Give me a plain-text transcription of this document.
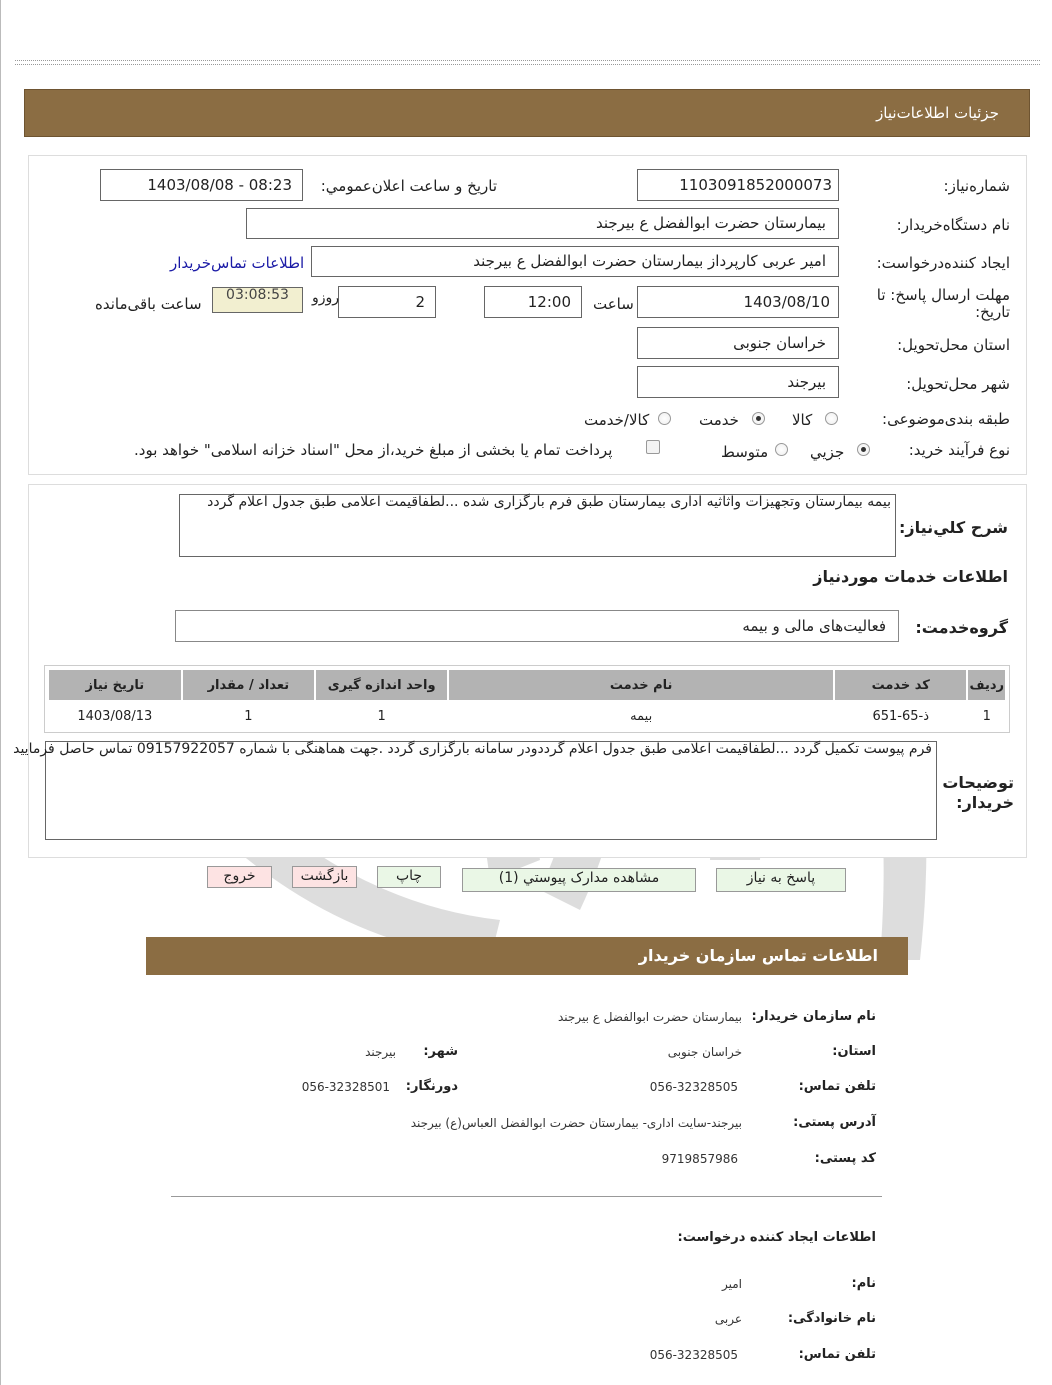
جزئیات اطلاعات‌نیاز
شماره‌نیاز:
1103091852000073
تاريخ و ساعت اعلان‌عمومي:
1403/08/08 - 08:23
نام دستگاه‌خریدار:
بیمارستان حضرت ابوالفضل ع بیرجند
ایجاد کننده‌درخواست:
امیر عربی کارپرداز بیمارستان حضرت ابوالفضل ع بیرجند
اطلاعات تماس‌خریدار
مهلت ارسال پاسخ: تا تاریخ:
1403/08/10
ساعت
12:00
2
روزو
03:08:53
ساعت باقی‌مانده
استان محل‌تحویل:
خراسان جنوبی
شهر محل‌تحویل:
بیرجند
طبقه بندی‌موضوعی:
کالا
خدمت
کالا/خدمت
نوع فرآیند خرید:
جزيي
متوسط
پرداخت تمام یا بخشی از مبلغ خرید،از محل "اسناد خزانه اسلامی" خواهد بود.
شرح کلي‌نیاز:
بیمه بیمارستان وتجهیزات واثاثیه اداری بیمارستان طبق فرم بارگزاری شده ...لطفاقیمت اعلامی طبق جدول اعلام گردد
اطلاعات خدمات موردنیاز
گروه‌خدمت:
فعالیت‌های مالی و بیمه
ردیف	کد خدمت	نام خدمت	واحد اندازه گیری	تعداد / مقدار	تاریخ نیاز
1	ذ-65-651	بیمه	1	1	1403/08/13
توضیحات خریدار:
فرم پیوست تکمیل گردد ...لطفاقیمت اعلامی طبق جدول اعلام گرددودر سامانه بارگزاری گردد .جهت هماهنگی با شماره 09157922057 تماس حاصل فرمایید
پاسخ به نیاز
مشاهده مدارک پیوستي (1)
چاپ
بازگشت
خروج
اطلاعات تماس سازمان خریدار
نام سازمان خریدار:
بیمارستان حضرت ابوالفضل ع بیرجند
استان:
خراسان جنوبی
شهر:
بیرجند
تلفن تماس:
056-32328505
دورنگار:
056-32328501
آدرس پستی:
بیرجند-سایت اداری- بیمارستان حضرت ابوالفضل العباس(ع) بیرجند
کد پستی:
9719857986
اطلاعات ایجاد کننده درخواست:
نام:
امیر
نام خانوادگی:
عربی
تلفن تماس:
056-32328505
